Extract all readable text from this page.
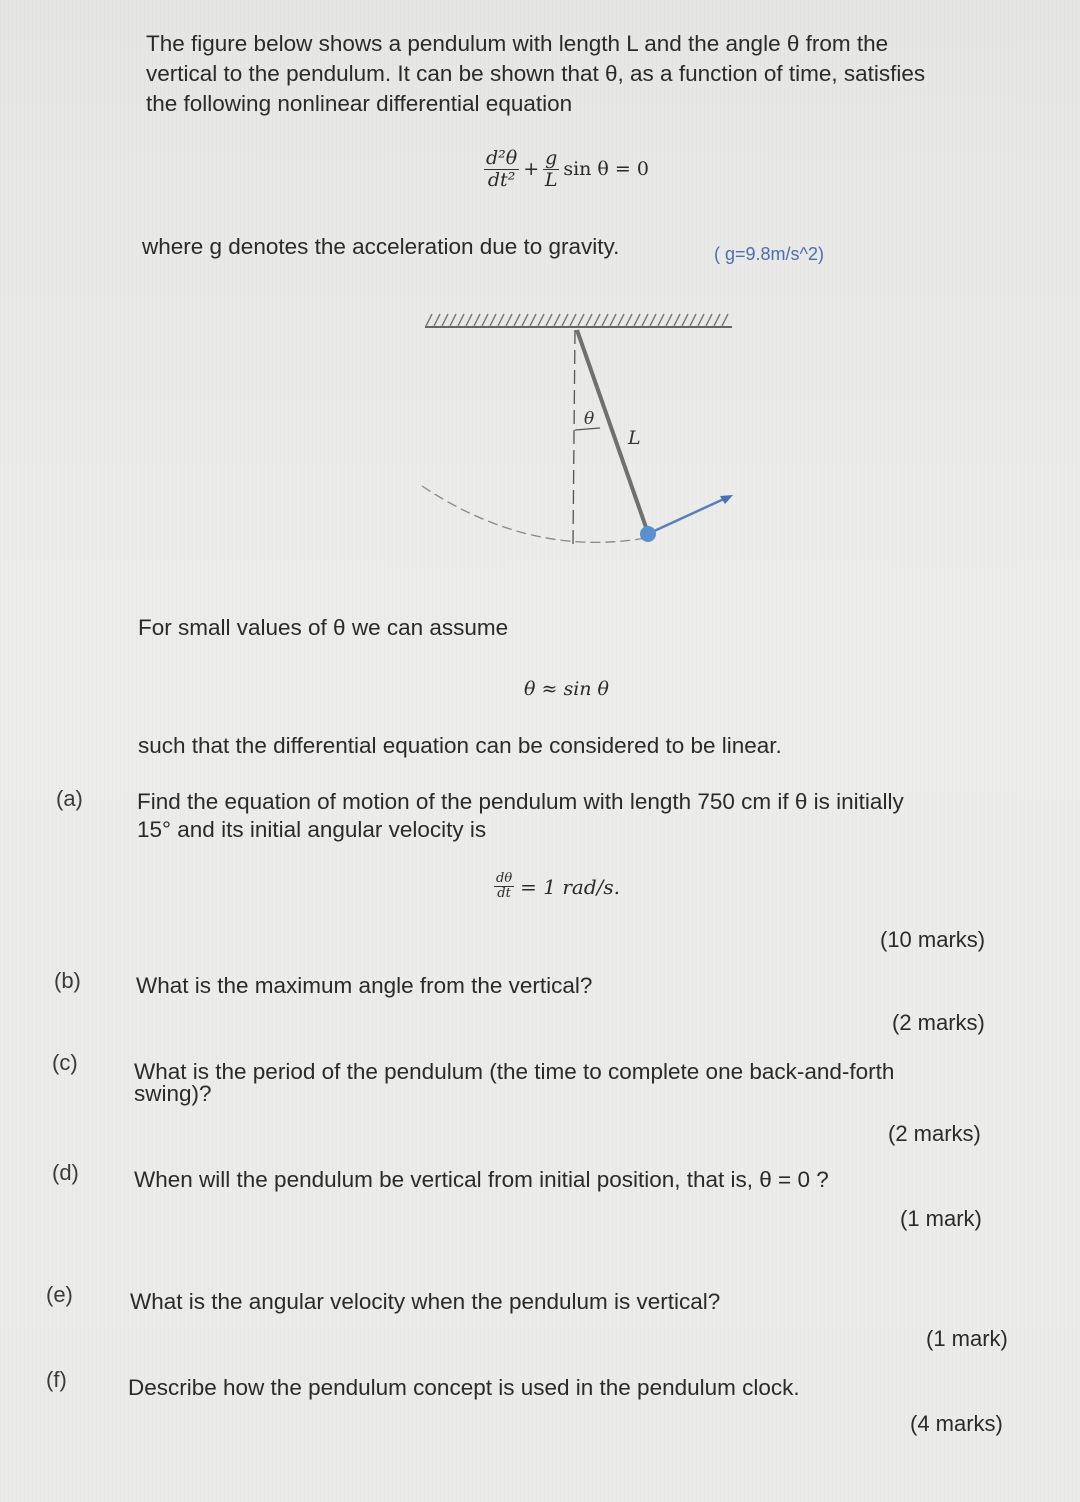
The figure below shows a pendulum with length L and the angle θ from the
vertical to the pendulum. It can be shown that θ, as a function of time, satisfies
the following nonlinear differential equation
$\frac{\text{d²θ}}{\text{dt²}} + \frac{g}{L}$ sin θ = 0
where g denotes the acceleration due to gravity.	( g=9.8m/s^2)
θ
L
For small values of θ we can assume
θ ≈ sin θ
such that the differential equation can be considered to be linear.
(a) Find the equation of motion of the pendulum with length 750 cm if θ is initially
15° and its initial angular velocity is
$\frac{d\theta}{dt} = 1$ rad/s.
(10 marks)
(b) What is the maximum angle from the vertical?
(2 marks)
(c)	What is the period of the pendulum (the time to complete one back-and-forth
swing)?
(2 marks)
(d) When will the pendulum be vertical from initial position, that is, θ = 0 ?
(1 mark)
(e)	What is the angular velocity when the pendulum is vertical?
(1 mark)
(f)	Describe how the pendulum concept is used in the pendulum clock.
(4 marks)
